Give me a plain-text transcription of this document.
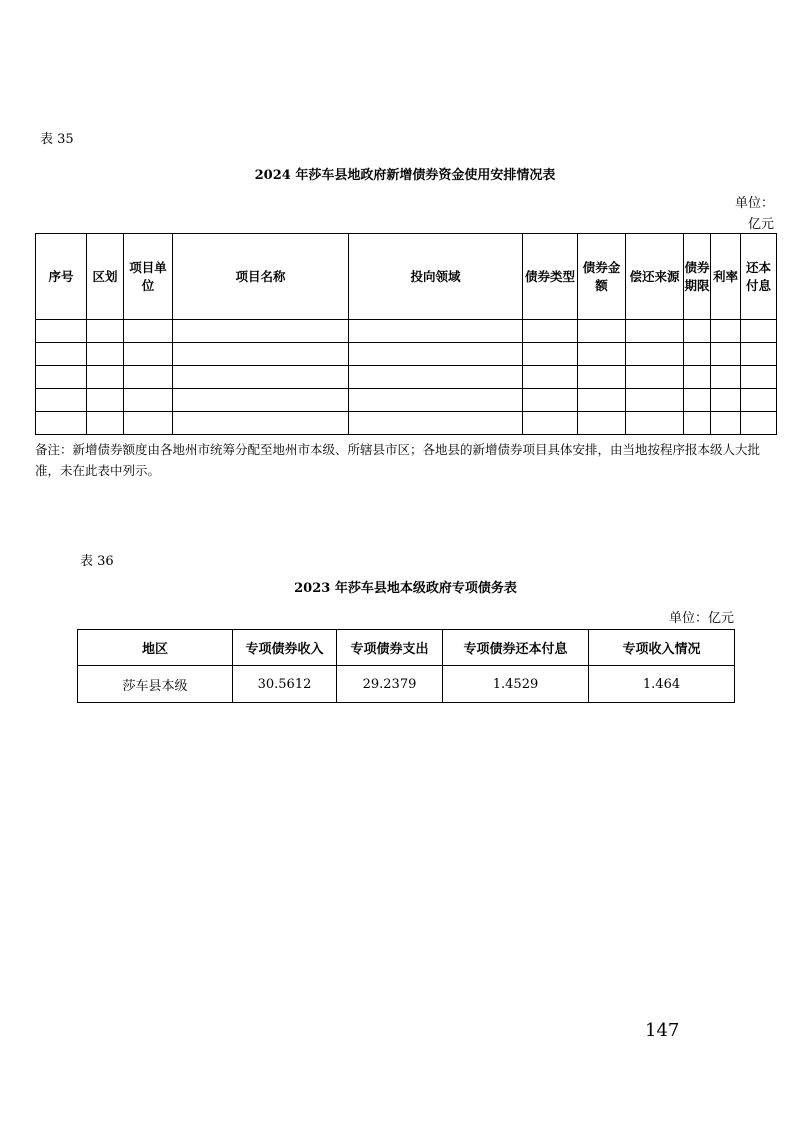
表 35
2024 年莎车县地政府新增债券资金使用安排情况表
单位：
亿元
序号	区划	项目单位	项目名称	投向领域	债券类型	债券金额	偿还来源	债券期限	利率	还本付息

备注：新增债券额度由各地州市统筹分配至地州市本级、所辖县市区；各地县的新增债券项目具体安排，由当地按程序报本级人大批准，未在此表中列示。
表 36
2023 年莎车县地本级政府专项债务表
单位：亿元
地区	专项债券收入	专项债券支出	专项债券还本付息	专项收入情况
莎车县本级	30.5612	29.2379	1.4529	1.464
147
